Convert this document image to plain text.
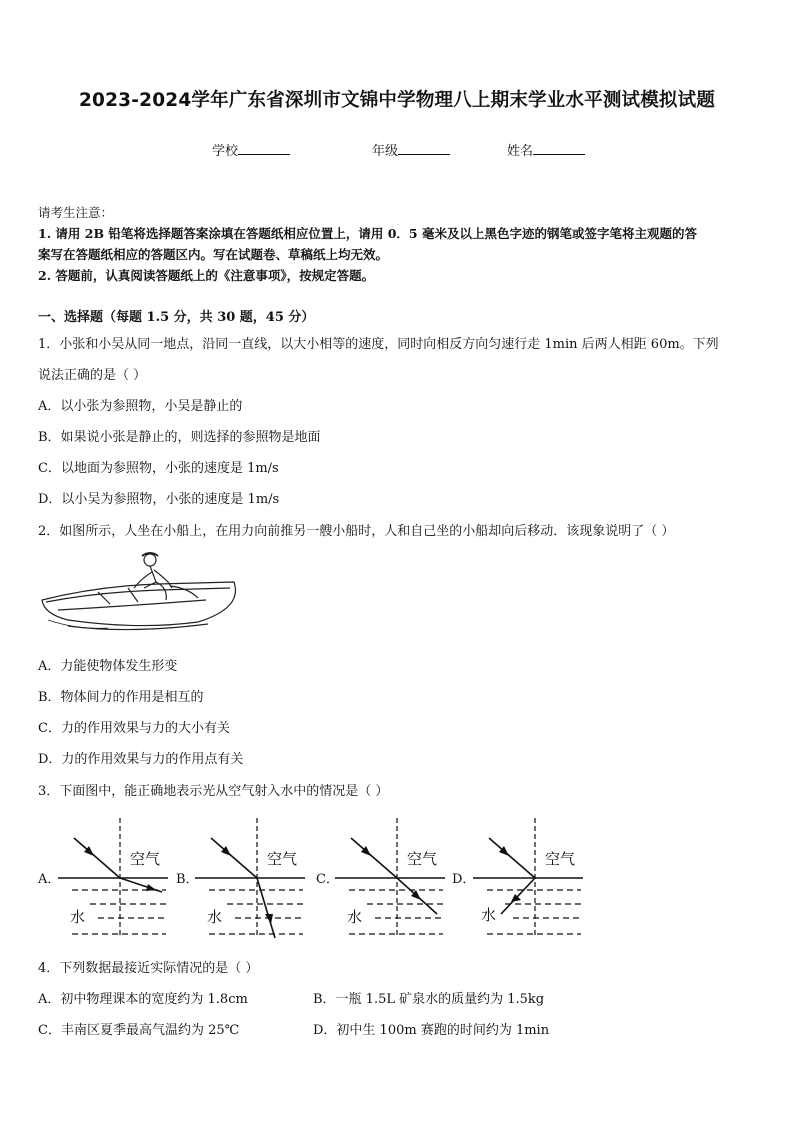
2023-2024学年广东省深圳市文锦中学物理八上期末学业水平测试模拟试题
学校	年级	姓名
请考生注意：
1. 请用 2B 铅笔将选择题答案涂填在答题纸相应位置上，请用 0．5 毫米及以上黑色字迹的钢笔或签字笔将主观题的答
案写在答题纸相应的答题区内。写在试题卷、草稿纸上均无效。
2. 答题前，认真阅读答题纸上的《注意事项》，按规定答题。
一、选择题（每题 1.5 分，共 30 题，45 分）
1．小张和小吴从同一地点，沿同一直线，以大小相等的速度，同时向相反方向匀速行走 1min 后两人相距 60m。下列
说法正确的是（ ）
A．以小张为参照物，小吴是静止的
B．如果说小张是静止的，则选择的参照物是地面
C．以地面为参照物，小张的速度是 1m/s
D．以小吴为参照物，小张的速度是 1m/s
2．如图所示，人坐在小船上，在用力向前推另一艘小船时，人和自己坐的小船却向后移动．该现象说明了（ ）
A．力能使物体发生形变
B．物体间力的作用是相互的
C．力的作用效果与力的大小有关
D．力的作用效果与力的作用点有关
3．下面图中，能正确地表示光从空气射入水中的情况是（ ）
A．
空气
水
B．
空气
水
C．
空气
水
D．
空气
水
4．下列数据最接近实际情况的是（ ）
A．初中物理课本的宽度约为 1.8cm	B．一瓶 1.5L 矿泉水的质量约为 1.5kg
C．丰南区夏季最高气温约为 25℃	D．初中生 100m 赛跑的时间约为 1min
